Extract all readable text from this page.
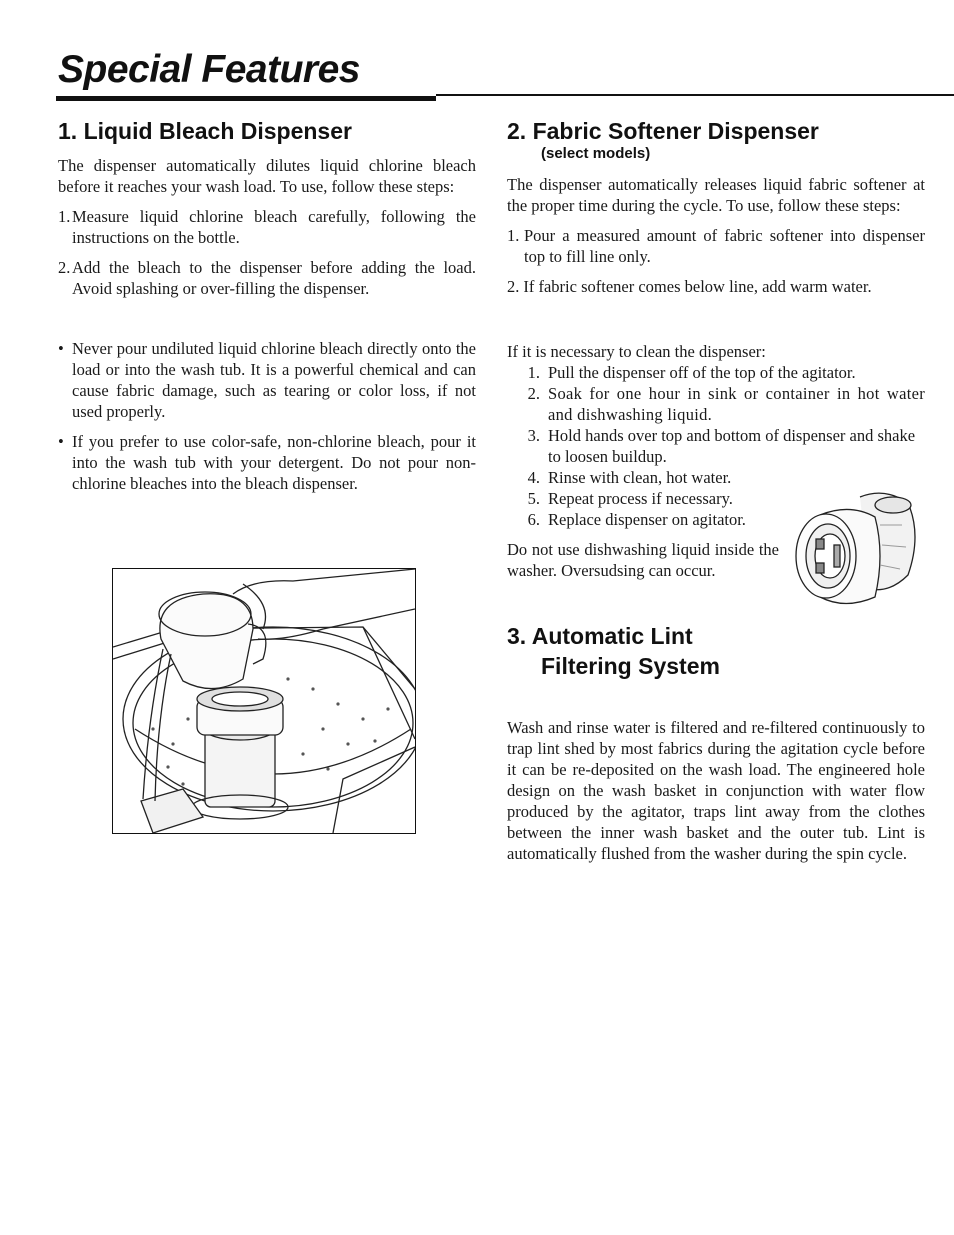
Special Features
1. Liquid Bleach Dispenser

The dispenser automatically dilutes liquid chlorine bleach before it reaches your wash load. To use, follow these steps:

1. Measure liquid chlorine bleach carefully, following the instructions on the bottle.
2. Add the bleach to the dispenser before adding the load. Avoid splashing or over-filling the dispenser.
• Never pour undiluted liquid chlorine bleach directly onto the load or into the wash tub. It is a powerful chemical and can cause fabric damage, such as tearing or color loss, if not used properly.
• If you prefer to use color-safe, non-chlorine bleach, pour it into the wash tub with your detergent. Do not pour non-chlorine bleaches into the bleach dispenser.
2. Fabric Softener Dispenser
(select models)

The dispenser automatically releases liquid fabric softener at the proper time during the cycle. To use, follow these steps:

1. Pour a measured amount of fabric softener into dispenser top to fill line only.
2. If fabric softener comes below line, add warm water.

If it is necessary to clean the dispenser:

1. Pull the dispenser off of the top of the agitator.
2. Soak for one hour in sink or container in hot water and dishwashing liquid.
3. Hold hands over top and bottom of dispenser and shake to loosen buildup.
4. Rinse with clean, hot water.
5. Repeat process if necessary.
6. Replace dispenser on agitator.

Do not use dishwashing liquid inside the washer. Oversudsing can occur.

3. Automatic Lint
Filtering System

Wash and rinse water is filtered and re-filtered continuously to trap lint shed by most fabrics during the agitation cycle before it can be re-deposited on the wash load. The engineered hole design on the wash basket in conjunction with water flow produced by the agitator, traps lint away from the clothes between the inner wash basket and the outer tub. Lint is automatically flushed from the washer during the spin cycle.
